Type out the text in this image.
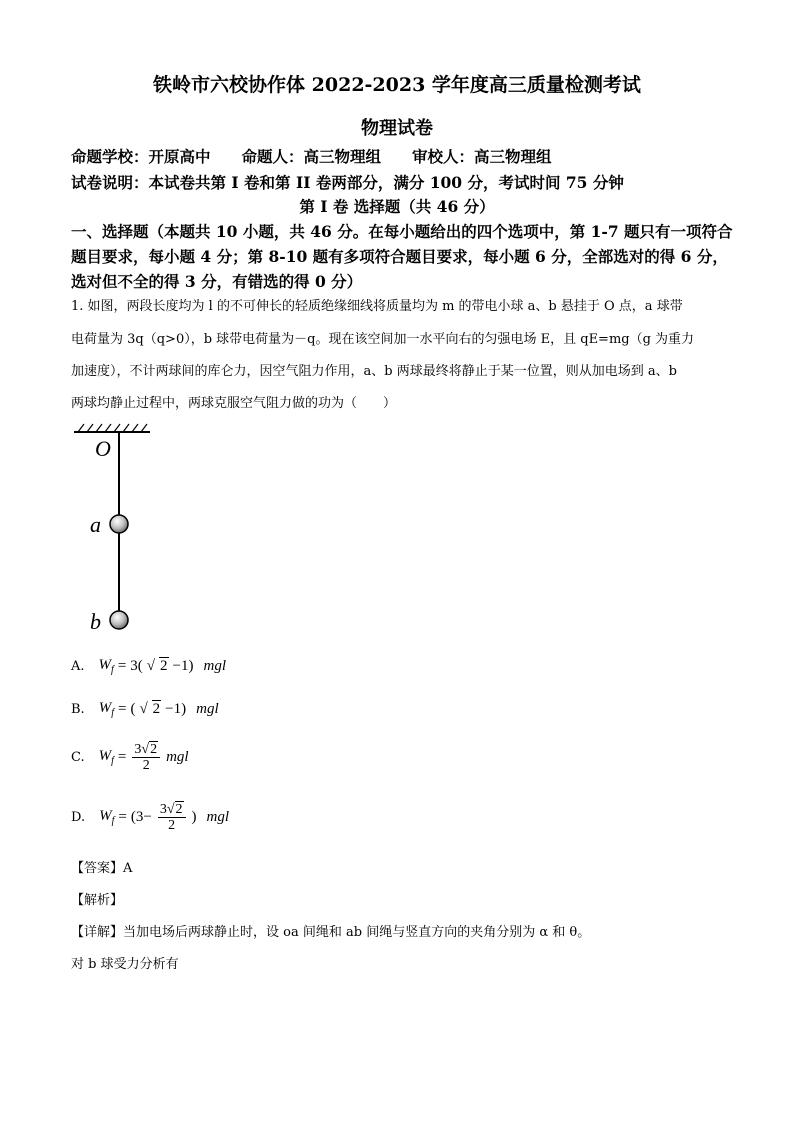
铁岭市六校协作体 2022-2023 学年度高三质量检测考试
物理试卷
命题学校：开原高中　　命题人：高三物理组　　审校人：高三物理组
试卷说明：本试卷共第 I 卷和第 II 卷两部分，满分 100 分，考试时间 75 分钟
第 I 卷 选择题（共 46 分）
一、选择题（本题共 10 小题，共 46 分。在每小题给出的四个选项中，第 1-7 题只有一项符合
题目要求，每小题 4 分；第 8-10 题有多项符合题目要求，每小题 6 分，全部选对的得 6 分，
选对但不全的得 3 分，有错选的得 0 分）
1. 如图，两段长度均为 l 的不可伸长的轻质绝缘细线将质量均为 m 的带电小球 a、b 悬挂于 O 点，a 球带
电荷量为 3q（q>0），b 球带电荷量为－q。现在该空间加一水平向右的匀强电场 E，且 qE=mg（g 为重力
加速度），不计两球间的库仑力，因空气阻力作用，a、b 两球最终将静止于某一位置，则从加电场到 a、b
两球均静止过程中，两球克服空气阻力做的功为（　　）
O
a
b
A. $W_f = 3$( √ 2 −1) mgl
B. $W_f$ = ( √ 2 −1) mgl
C. $W_f = \frac{3√2}{2}$ mgl
D. $W_f = (3- \frac{3√2}{2}$ ) mgl
【答案】A
【解析】
【详解】当加电场后两球静止时，设 oa 间绳和 ab 间绳与竖直方向的夹角分别为 α 和 θ。
对 b 球受力分析有
